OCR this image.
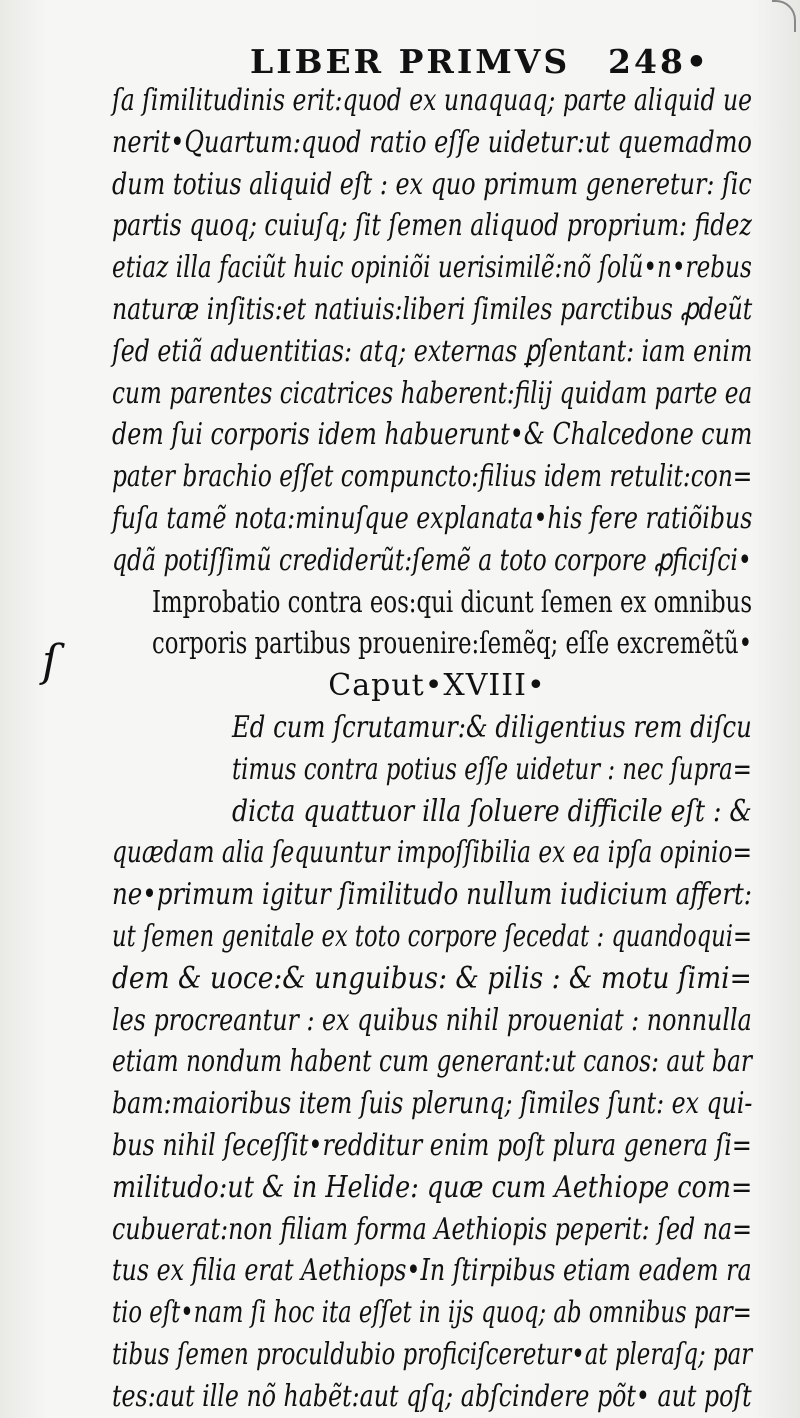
LIBER PRIMVS 248•
ſ
ſa ſimilitudinis erit:quod ex unaquaq; parte aliquid ue
nerit•Quartum:quod ratio eſſe uidetur:ut quemadmo
dum totius aliquid eſt : ex quo primum generetur: ſic
partis quoq; cuiuſq; ſit ſemen aliquod proprium: fidez
etiaz illa faciũt huic opiniõi uerisimilẽ:nõ ſolũ•n•rebus
naturæ inſitis:et natiuis:liberi ſimiles parctibus ꝓdeũt
ſed etiã aduentitias: atq; externas ꝑſentant: iam enim
cum parentes cicatrices haberent:filij quidam parte ea
dem ſui corporis idem habuerunt•& Chalcedone cum
pater brachio eſſet compuncto:filius idem retulit:con=
fuſa tamẽ nota:minuſque explanata•his fere ratiõibus
qdã potiſſimũ crediderũt:ſemẽ a toto corpore ꝓficiſci•
Improbatio contra eos:qui dicunt ſemen ex omnibus
corporis partibus prouenire:ſemẽq; eſſe excremẽtũ•
Caput•XVIII•
Ed cum ſcrutamur:& diligentius rem diſcu
timus contra potius eſſe uidetur : nec ſupra=
dicta quattuor illa ſoluere difficile eſt : &
quædam alia ſequuntur impoſſibilia ex ea ipſa opinio=
ne•primum igitur ſimilitudo nullum iudicium affert:
ut ſemen genitale ex toto corpore ſecedat : quandoqui=
dem & uoce:& unguibus: & pilis : & motu ſimi=
les procreantur : ex quibus nihil proueniat : nonnulla
etiam nondum habent cum generant:ut canos: aut bar
bam:maioribus item ſuis plerunq; ſimiles ſunt: ex qui-
bus nihil ſeceſſit•redditur enim poſt plura genera ſi=
militudo:ut & in Helide: quæ cum Aethiope com=
cubuerat:non filiam forma Aethiopis peperit: ſed na=
tus ex filia erat Aethiops•In ſtirpibus etiam eadem ra
tio eſt•nam ſi hoc ita eſſet in ijs quoq; ab omnibus par=
tibus ſemen proculdubio proficiſceretur•at pleraſq; par
tes:aut ille nõ habẽt:aut qſq; abſcindere põt• aut poſt
